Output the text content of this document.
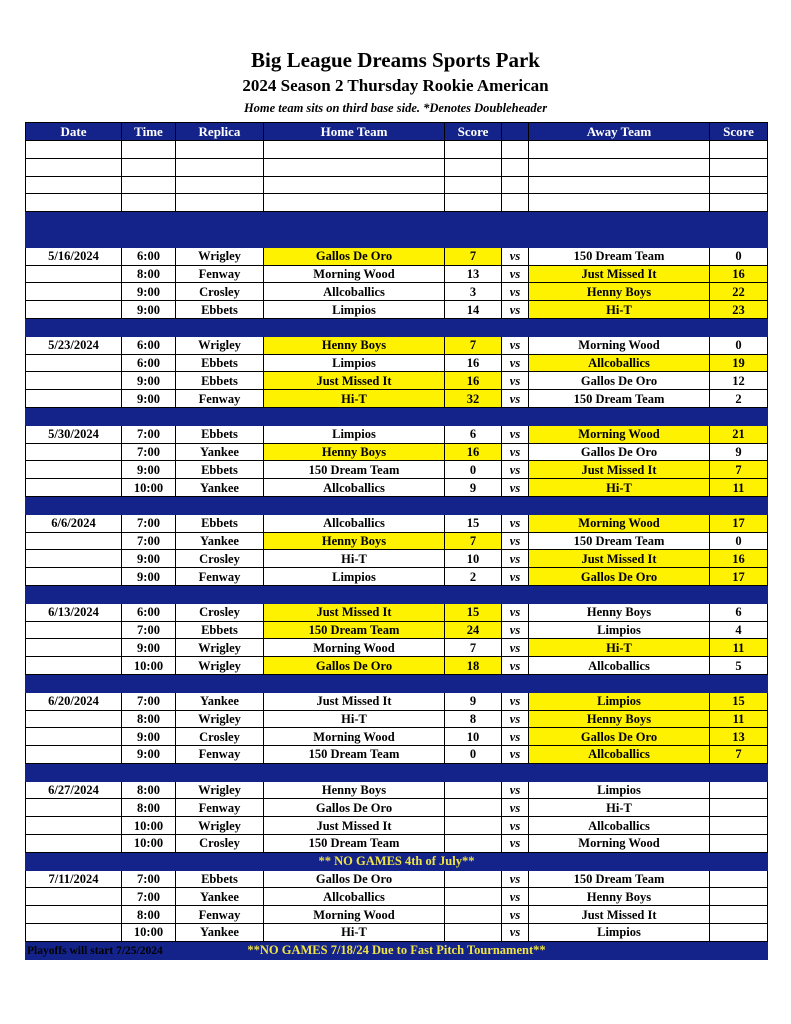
Big League Dreams Sports Park
2024 Season 2 Thursday Rookie American
Home team sits on third base side. *Denotes Doubleheader
Date	Time	Replica	Home Team	Score		Away Team	Score

5/16/2024	6:00	Wrigley	Gallos De Oro	7	vs	150 Dream Team	0
	8:00	Fenway	Morning Wood	13	vs	Just Missed It	16
	9:00	Crosley	Allcoballics	3	vs	Henny Boys	22
	9:00	Ebbets	Limpios	14	vs	Hi-T	23

5/23/2024	6:00	Wrigley	Henny Boys	7	vs	Morning Wood	0
	6:00	Ebbets	Limpios	16	vs	Allcoballics	19
	9:00	Ebbets	Just Missed It	16	vs	Gallos De Oro	12
	9:00	Fenway	Hi-T	32	vs	150 Dream Team	2

5/30/2024	7:00	Ebbets	Limpios	6	vs	Morning Wood	21
	7:00	Yankee	Henny Boys	16	vs	Gallos De Oro	9
	9:00	Ebbets	150 Dream Team	0	vs	Just Missed It	7
	10:00	Yankee	Allcoballics	9	vs	Hi-T	11

6/6/2024	7:00	Ebbets	Allcoballics	15	vs	Morning Wood	17
	7:00	Yankee	Henny Boys	7	vs	150 Dream Team	0
	9:00	Crosley	Hi-T	10	vs	Just Missed It	16
	9:00	Fenway	Limpios	2	vs	Gallos De Oro	17

6/13/2024	6:00	Crosley	Just Missed It	15	vs	Henny Boys	6
	7:00	Ebbets	150 Dream Team	24	vs	Limpios	4
	9:00	Wrigley	Morning Wood	7	vs	Hi-T	11
	10:00	Wrigley	Gallos De Oro	18	vs	Allcoballics	5

6/20/2024	7:00	Yankee	Just Missed It	9	vs	Limpios	15
	8:00	Wrigley	Hi-T	8	vs	Henny Boys	11
	9:00	Crosley	Morning Wood	10	vs	Gallos De Oro	13
	9:00	Fenway	150 Dream Team	0	vs	Allcoballics	7

6/27/2024	8:00	Wrigley	Henny Boys		vs	Limpios	
	8:00	Fenway	Gallos De Oro		vs	Hi-T	
	10:00	Wrigley	Just Missed It		vs	Allcoballics	
	10:00	Crosley	150 Dream Team		vs	Morning Wood	
** NO GAMES 4th of July**							
7/11/2024	7:00	Ebbets	Gallos De Oro		vs	150 Dream Team	
	7:00	Yankee	Allcoballics		vs	Henny Boys	
	8:00	Fenway	Morning Wood		vs	Just Missed It	
	10:00	Yankee	Hi-T		vs	Limpios	
**NO GAMES 7/18/24 Due to Fast Pitch Tournament**							
Playoffs will start 7/25/2024
